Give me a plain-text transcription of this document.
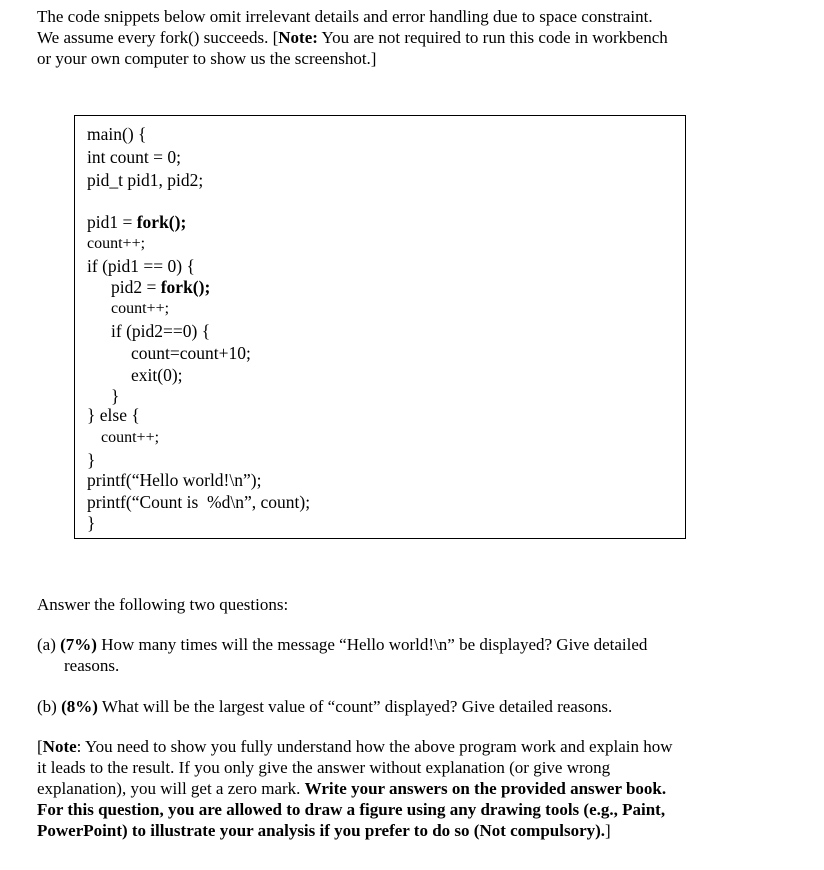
The code snippets below omit irrelevant details and error handling due to space constraint.
We assume every fork() succeeds. [Note: You are not required to run this code in workbench
or your own computer to show us the screenshot.]
main() {
int count = 0;
pid_t pid1, pid2;
pid1 = fork();
count++;
if (pid1 == 0) {
pid2 = fork();
count++;
if (pid2==0) {
count=count+10;
exit(0);
}
} else {
count++;
}
printf(“Hello world!\n”);
printf(“Count is  %d\n”, count);
}
Answer the following two questions:
(a) (7%) How many times will the message “Hello world!\n” be displayed? Give detailed
reasons.
(b) (8%) What will be the largest value of “count” displayed? Give detailed reasons.
[Note: You need to show you fully understand how the above program work and explain how
it leads to the result. If you only give the answer without explanation (or give wrong
explanation), you will get a zero mark. Write your answers on the provided answer book.
For this question, you are allowed to draw a figure using any drawing tools (e.g., Paint,
PowerPoint) to illustrate your analysis if you prefer to do so (Not compulsory).]
